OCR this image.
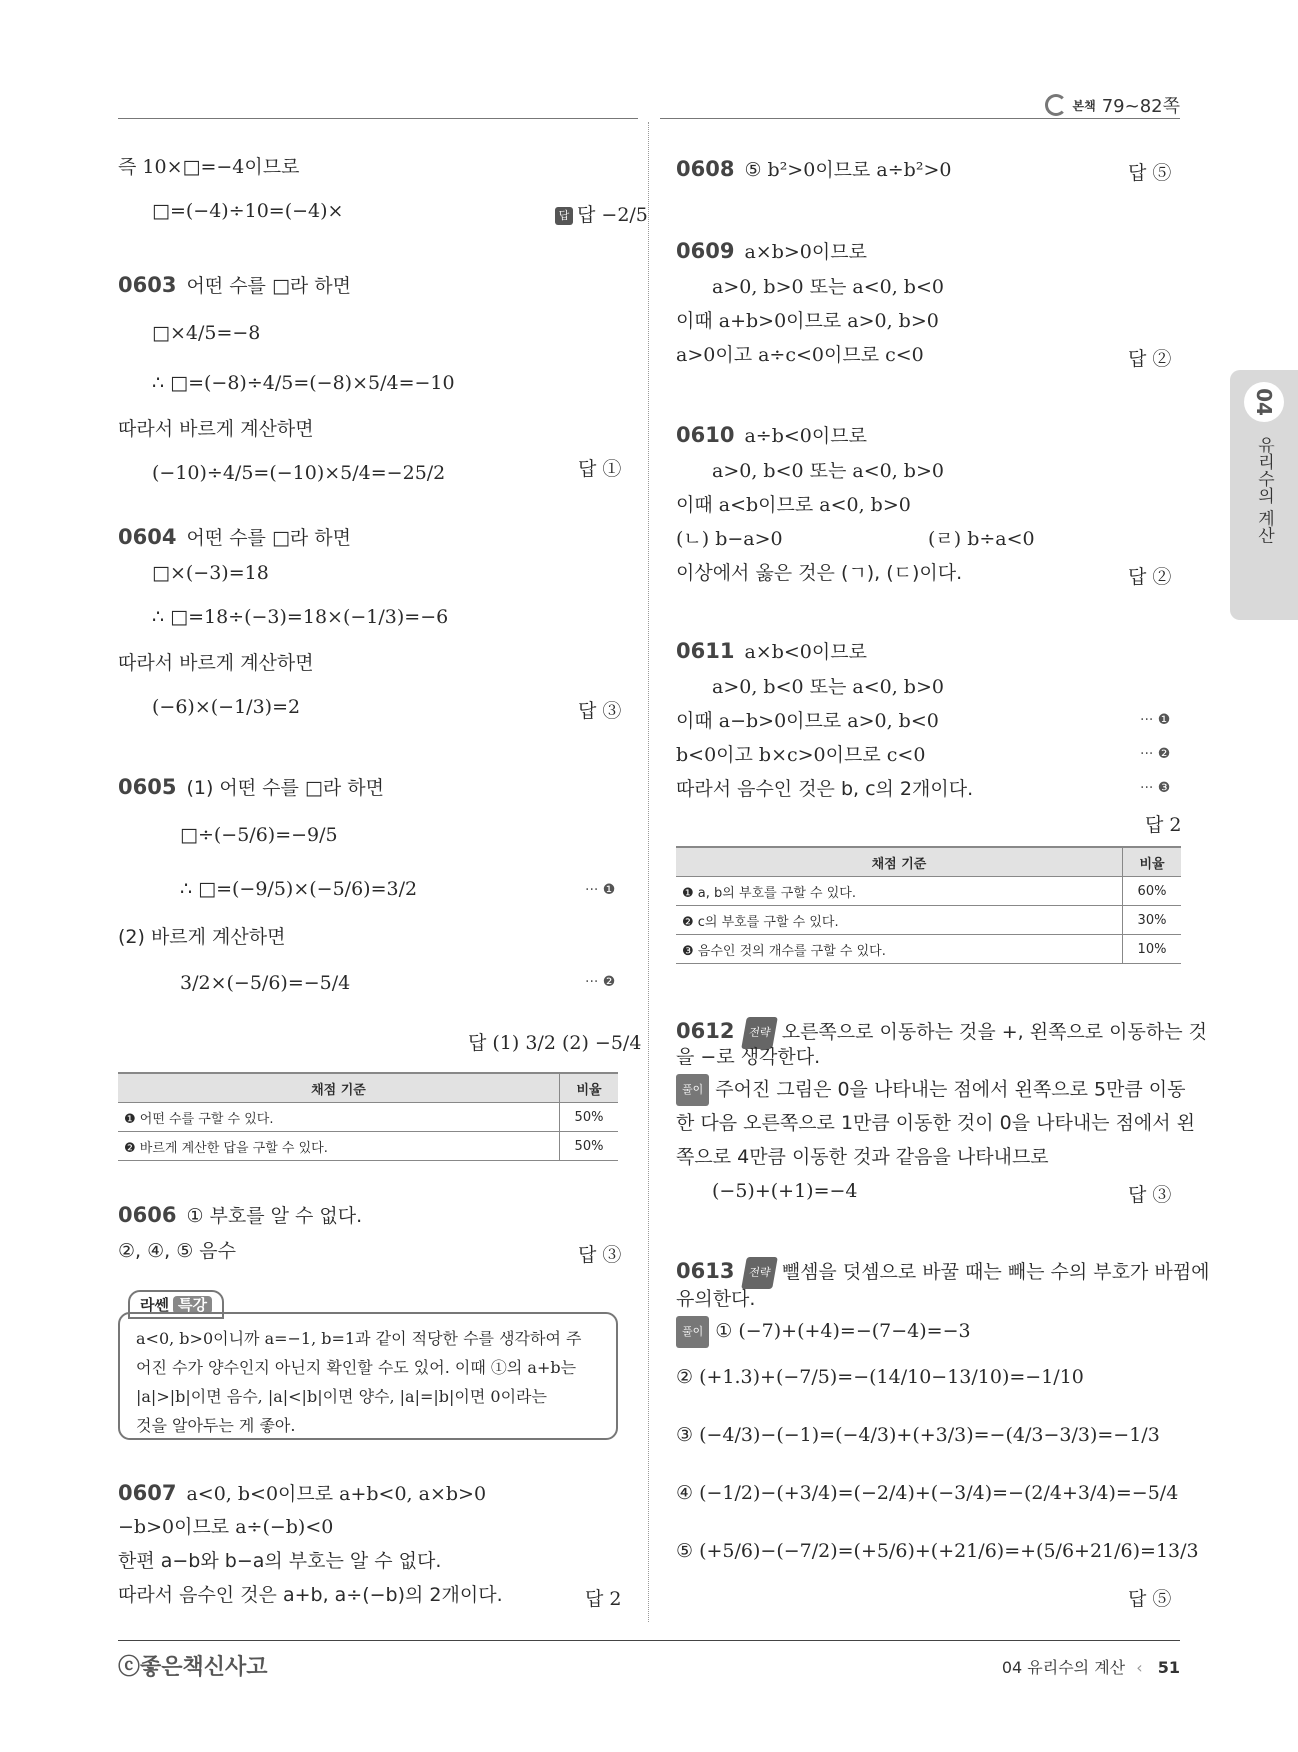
본책 79~82쪽
04
유리수의 계산
즉 10×□=−4이므로
□=(−4)÷10=(−4)×	답 답 −2/5
0603 어떤 수를 □라 하면
□×4/5=−8
∴ □=(−8)÷4/5=(−8)×5/4=−10
따라서 바르게 계산하면
(−10)÷4/5=(−10)×5/4=−25/2	답 ①
0604 어떤 수를 □라 하면
□×(−3)=18
∴ □=18÷(−3)=18×(−1/3)=−6
따라서 바르게 계산하면
(−6)×(−1/3)=2	답 ③
0605 (1) 어떤 수를 □라 하면
□÷(−5/6)=−9/5
∴ □=(−9/5)×(−5/6)=3/2	··· ❶
(2) 바르게 계산하면
3/2×(−5/6)=−5/4	··· ❷
답 (1) 3/2 (2) −5/4
채점 기준	비율
❶ 어떤 수를 구할 수 있다.	50%
❷ 바르게 계산한 답을 구할 수 있다.	50%
0606 ① 부호를 알 수 없다.
②, ④, ⑤ 음수	답 ③
라쎈 특강
a<0, b>0이니까 a=−1, b=1과 같이 적당한 수를 생각하여 주
어진 수가 양수인지 아닌지 확인할 수도 있어. 이때 ①의 a+b는
|a|>|b|이면 음수, |a|<|b|이면 양수, |a|=|b|이면 0이라는
것을 알아두는 게 좋아.
0607 a<0, b<0이므로 a+b<0, a×b>0
−b>0이므로 a÷(−b)<0
한편 a−b와 b−a의 부호는 알 수 없다.
따라서 음수인 것은 a+b, a÷(−b)의 2개이다.	답 2
0608 ⑤ b²>0이므로 a÷b²>0	답 ⑤
0609 a×b>0이므로
a>0, b>0 또는 a<0, b<0
이때 a+b>0이므로 a>0, b>0
a>0이고 a÷c<0이므로 c<0	답 ②
0610 a÷b<0이므로
a>0, b<0 또는 a<0, b>0
이때 a<b이므로 a<0, b>0
(ㄴ) b−a>0	(ㄹ) b÷a<0
이상에서 옳은 것은 (ㄱ), (ㄷ)이다.	답 ②
0611 a×b<0이므로
a>0, b<0 또는 a<0, b>0
이때 a−b>0이므로 a>0, b<0	··· ❶
b<0이고 b×c>0이므로 c<0	··· ❷
따라서 음수인 것은 b, c의 2개이다.	··· ❸
답 2
채점 기준	비율
❶ a, b의 부호를 구할 수 있다.	60%
❷ c의 부호를 구할 수 있다.	30%
❸ 음수인 것의 개수를 구할 수 있다.	10%
0612 전략 오른쪽으로 이동하는 것을 +, 왼쪽으로 이동하는 것
을 −로 생각한다.
풀이 주어진 그림은 0을 나타내는 점에서 왼쪽으로 5만큼 이동
한 다음 오른쪽으로 1만큼 이동한 것이 0을 나타내는 점에서 왼
쪽으로 4만큼 이동한 것과 같음을 나타내므로
(−5)+(+1)=−4	답 ③
0613 전략 뺄셈을 덧셈으로 바꿀 때는 빼는 수의 부호가 바뀜에
유의한다.
풀이 ① (−7)+(+4)=−(7−4)=−3
② (+1.3)+(−7/5)=−(14/10−13/10)=−1/10
③ (−4/3)−(−1)=(−4/3)+(+3/3)=−(4/3−3/3)=−1/3
④ (−1/2)−(+3/4)=(−2/4)+(−3/4)=−(2/4+3/4)=−5/4
⑤ (+5/6)−(−7/2)=(+5/6)+(+21/6)=+(5/6+21/6)=13/3
답 ⑤
ⓒ좋은책신사고	04 유리수의 계산 ‹ 51
